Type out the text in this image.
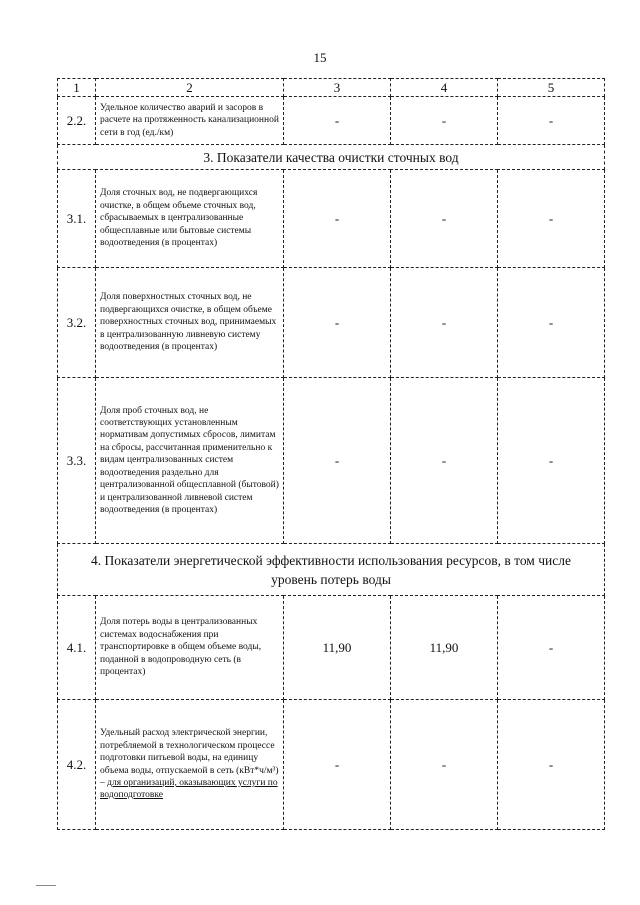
15
1	2	3	4	5
2.2.	Удельное количество аварий и засоров в расчете на протяженность канализационной сети в год (ед./км)	-	-	-
3. Показатели качества очистки сточных вод				
3.1.	Доля сточных вод, не подвергающихся очистке, в общем объеме сточных вод, сбрасываемых в централизованные общесплавные или бытовые системы водоотведения (в процентах)	-	-	-
3.2.	Доля поверхностных сточных вод, не подвергающихся очистке, в общем объеме поверхностных сточных вод, принимаемых в централизованную ливневую систему водоотведения (в процентах)	-	-	-
3.3.	Доля проб сточных вод, не соответствующих установленным нормативам допустимых сбросов, лимитам на сбросы, рассчитанная применительно к видам централизованных систем водоотведения раздельно для централизованной общесплавной (бытовой) и централизованной ливневой систем водоотведения (в процентах)	-	-	-
4. Показатели энергетической эффективности использования ресурсов, в том числе уровень потерь воды				
4.1.	Доля потерь воды в централизованных системах водоснабжения при транспортировке в общем объеме воды, поданной в водопроводную сеть (в процентах)	11,90	11,90	-
4.2.	Удельный расход электрической энергии, потребляемой в технологическом процессе подготовки питьевой воды, на единицу объема воды, отпускаемой в сеть (кВт*ч/м³) – для организаций, оказывающих услуги по водоподготовке	-	-	-
